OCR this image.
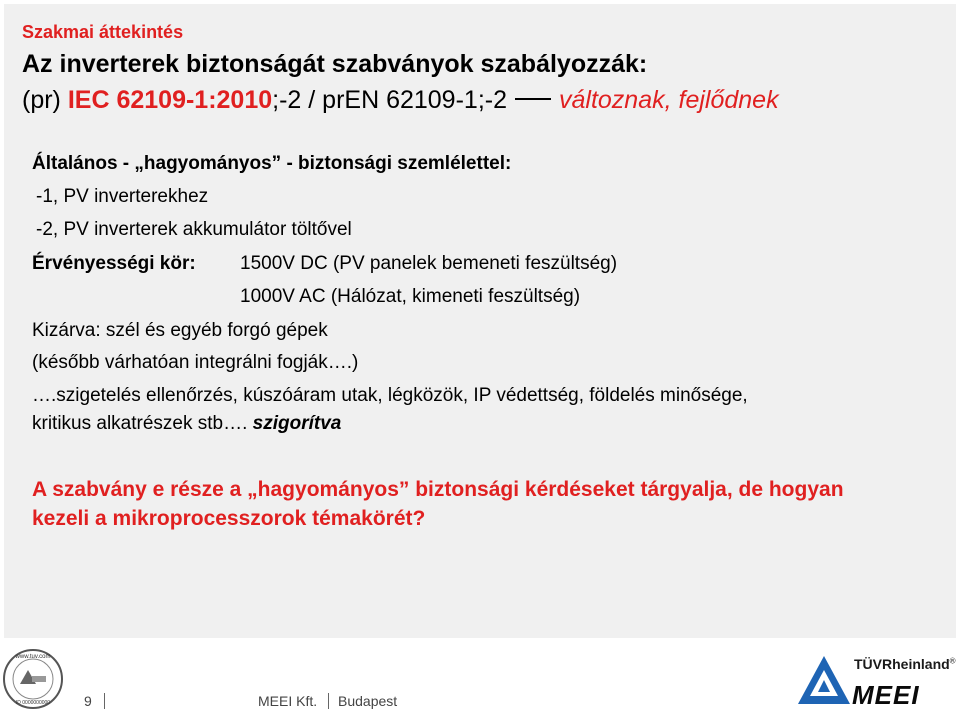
Szakmai áttekintés
Az inverterek biztonságát szabványok szabályozzák:
(pr) IEC 62109-1:2010;-2 / prEN 62109-1;-2 változnak, fejlődnek
Általános - „hagyományos” - biztonsági szemlélettel:
-1, PV inverterekhez
-2, PV inverterek akkumulátor töltővel
Érvényességi kör: 1500V DC (PV panelek bemeneti feszültség)
1000V AC (Hálózat, kimeneti feszültség)
Kizárva: szél és egyéb forgó gépek
(később várhatóan integrálni fogják….)
….szigetelés ellenőrzés, kúszóáram utak, légközök, IP védettség, földelés minősége,
kritikus alkatrészek stb…. szigorítva
A szabvány e része a „hagyományos” biztonsági kérdéseket tárgyalja, de hogyan
kezeli a mikroprocesszorok témakörét?
www.tuv.com
ID 0000000000 9	MEEI Kft. Budapest
TÜVRheinland®
MEEI
